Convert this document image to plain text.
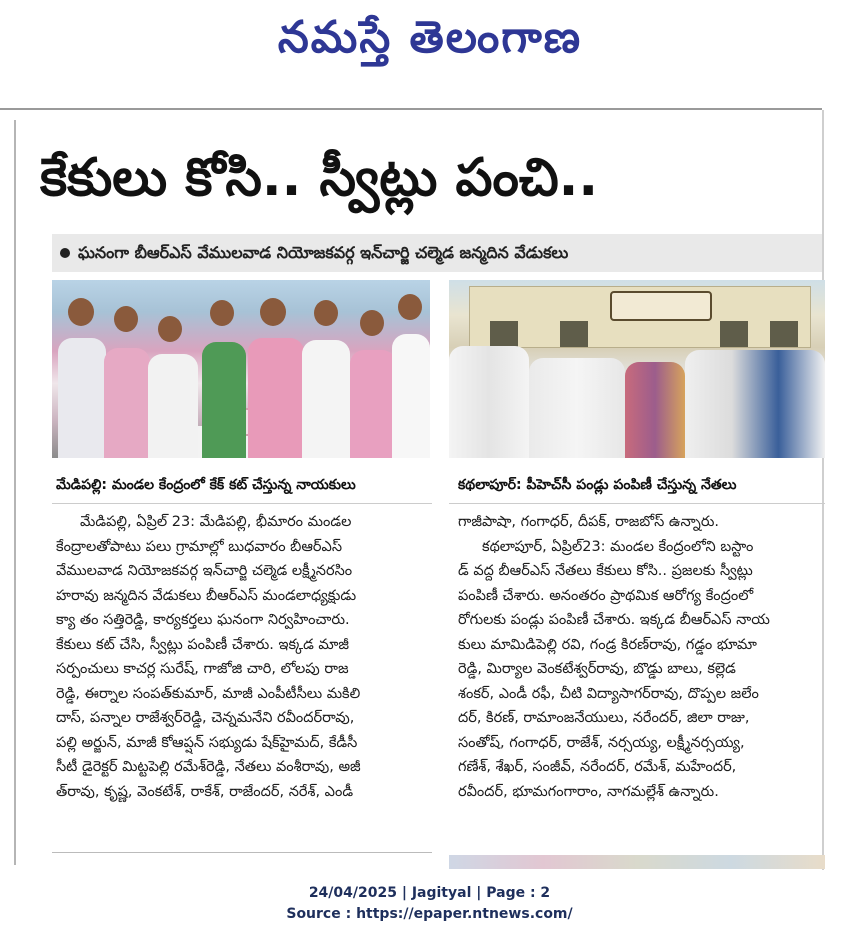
నమస్తే తెలంగాణ
కేకులు కోసి.. స్వీట్లు పంచి..
ఘనంగా బీఆర్ఎస్ వేములవాడ నియోజకవర్గ ఇన్‌చార్జి చల్మెడ జన్మదిన వేడుకలు
మేడిపల్లి: మండల కేంద్రంలో కేక్ కట్ చేస్తున్న నాయకులు	కథలాపూర్: పీహెచ్‌సీ పండ్లు పంపిణీ చేస్తున్న నేతలు
మేడిపల్లి, ఏప్రిల్ 23: మేడిపల్లి, భీమారం మండల
కేంద్రాలతోపాటు పలు గ్రామాల్లో బుధవారం బీఆర్ఎస్
వేములవాడ నియోజకవర్గ ఇన్‌చార్జి చల్మెడ లక్ష్మీనరసిం
హరావు జన్మదిన వేడుకలు బీఆర్ఎస్ మండలాధ్యక్షుడు
క్యా తం సత్తిరెడ్డి, కార్యకర్తలు ఘనంగా నిర్వహించారు.
కేకులు కట్ చేసి, స్వీట్లు పంపిణీ చేశారు. ఇక్కడ మాజీ
సర్పంచులు కాచర్ల సురేష్, గాజోజి చారి, లోలపు రాజ
రెడ్డి, ఈర్నాల సంపత్‌కుమార్, మాజీ ఎంపీటీసీలు మకిలి
దాస్, పన్నాల రాజేశ్వర్‌రెడ్డి, చెన్నమనేని రవీందర్‌రావు,
పల్లి అర్జున్, మాజీ కోఆప్షన్ సభ్యుడు షేక్‌హైమద్, కేడీసీ
సీటీ డైరెక్టర్ మిట్టపెల్లి రమేశ్‌రెడ్డి, నేతలు వంశీరావు, అజీ
త్‌రావు, కృష్ణ, వెంకటేశ్, రాకేశ్, రాజేందర్, నరేశ్, ఎండీ
గాజీపాషా, గంగాధర్, దీపక్, రాజబోస్ ఉన్నారు.
కథలాపూర్, ఏప్రిల్23: మండల కేంద్రంలోని బస్టాం
డ్ వద్ద బీఆర్ఎస్ నేతలు కేకులు కోసి.. ప్రజలకు స్వీట్లు
పంపిణీ చేశారు. అనంతరం ప్రాథమిక ఆరోగ్య కేంద్రంలో
రోగులకు పండ్లు పంపిణీ చేశారు. ఇక్కడ బీఆర్ఎస్ నాయ
కులు మామిడిపెల్లి రవి, గండ్ర కిరణ్‌రావు, గడ్డం భూమా
రెడ్డి, మిర్యాల వెంకటేశ్వర్‌రావు, బొడ్డు బాలు, కల్లెడ
శంకర్, ఎండీ రఫీ, చీటి విద్యాసాగర్‌రావు, దొప్పల జలేం
దర్, కిరణ్, రామాంజనేయులు, నరేందర్, జిలా రాజు,
సంతోష్, గంగాధర్, రాజేశ్, నర్సయ్య, లక్ష్మీనర్సయ్య,
గణేశ్, శేఖర్, సంజీవ్, నరేందర్, రమేశ్, మహేందర్,
రవీందర్, భూమగంగారాం, నాగమల్లేశ్ ఉన్నారు.
24/04/2025 | Jagityal | Page : 2
Source : https://epaper.ntnews.com/
